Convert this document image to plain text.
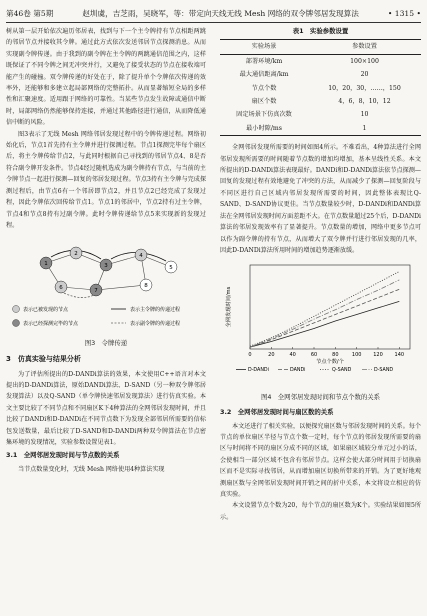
第46卷 第5期	赵圳虞，吉芝雨，吴晓军，等：带定向天线无线 Mesh 网络的双令牌邻居发现算法	• 1315 •

树从第一层开始依次遍历邻居表，找到与下一个主令牌持有节点相距两跳的邻居节点并接收其令牌。通过此方式依次发送邻居节点探测消息。从而实现副令牌传递。由于我到的副令牌在主令牌的两跳通信范围之内，这样既保证了不同令牌之间无冲突并行，又避免了接受状态的节点在接收端可能产生的碰撞。双令牌传递的好处在于，除了提升单个令牌依次传递的效率外，还能够和多建立起局部网络的完整拓扑。从而显著缩短全局的多样性和汇聚速度。适用跟于网络的可靠性。当某些节点发生故障或通信中断时，局部网络仍然能够保持连接，并通过其他路径进行通信，从而降低通信中断的风险。

图3表示了无线 Mesh 网络邻居发现过程中的令牌传递过程。网络初始化后，节点1首先持有主令牌并进行探测过程。节点1探测完毕每个扇区后，将主令牌传给节点2，与此同时根据自己寻找到的邻居节点4、8是否符合副令牌开发条件。节点4经过随机选成为副令牌持有节点，与当前的主令牌节点一起进行探测—回复的邻居发现过程。节点3持有主令牌与完成探测过程后，由节点6有一个邻居即节点2，并且节点2已经完成了发现过程，因此令牌依次回传给节点1。节点1的邻居中，节点2持有过主令牌，节点4和节点8持有过副令牌。此时令牌传递给节点5来实现新的发现过程。

1
2
3
4
5
6	7
8
表示已被发现的节点	表示主令牌的传递过程
表示已经探测完毕的节点	表示副令牌的传递过程
图3　令牌传递
3　仿真实验与结果分析

为了评估所提出的D-DANDi算法的效果，本文使用C++语言对本文提出的D-DANDi算法，原始DANDi算法、D-SAND（另一种双令牌邻居发现算法）以及Q-SAND（单令牌快速邻居发现算法）进行仿真实验。本文主要比较了不同节点和不同扇区K下4种算法的全网邻居发现时间，并且比较了DANDi和D-DANDi在不同节点数下为发现全部邻居所需要的信标包发送数量，最后比较了D-SAND和D-DANDi两种双令牌算法在节点密集环境的发现情况，实验参数设置见表1。

3.1　全网邻居发现时间与节点数的关系

当节点数量变化时，无线 Mesh 网络使用4种算法实现

表1　实验参数设置
实验场景	参数设置
部署环境/km	100×100
最大通信距离/km	20
节点个数	10，20，30，……，150
扇区个数	4，6，8，10，12
固定场景下仿真次数	10
最小时隙/ms	1

全网邻居发现所需要的时间如图4所示。不难看出，4种算法进行全网邻居发现所需要的时间随着节点数的增加均增加，基本呈线性关系。本文所提出的D-DANDi算法表现最好。DANDi和D-DANDi算法依节点探测—回复的发现过程有效地避免了冲突的方法，从而减少了探测—回复阶段与不同区进行自己区域内邻居发现所需要的时间，因此整体表现比Q-SAND、D-SAND协议更佳。当节点数量较少时，D-DANDi和DANDi算法在全网邻居发现时间方面差距不大。在节点数量超过25个后，D-DANDi算法的邻居发现效率有了显著提升。节点数量的增加，网络中更多节点可以作为副令牌的持有节点，从而增大了双令牌并行进行邻居发现的几率，因此D-DANDi算法所用时间的增加趋势逐渐放缓。

0	20	40	60	80	100 120 140
节点个数/个
全网发现时间/ms
D-DANDi	DANDi	Q-SAND	D-SAND
图4　全网邻居发现时间和节点个数的关系
3.2　全网邻居发现时间与扇区数的关系

本文还进行了相关实验，以便探究扇区数与邻居发现时间的关系。每个节点的单位扇区半径与节点个数一定时，每个节点的邻居发现所需要的扇区与时间将不同的扇区分成不同的区域，如果扇区域较分单元过小的话，会使相当一部分区域不包含有邻居节点。这样会使大部分时间用于切换扇区而不是实际寻找邻居，从而增加扇区切换所带来的开销。为了更好地观测扇区数与全网邻居发现时间开销之间的折中关系，本文将设立相应的仿真实验。

本文设置节点个数为20，每个节点的扇区数为K个。实验结果如图5所示。
